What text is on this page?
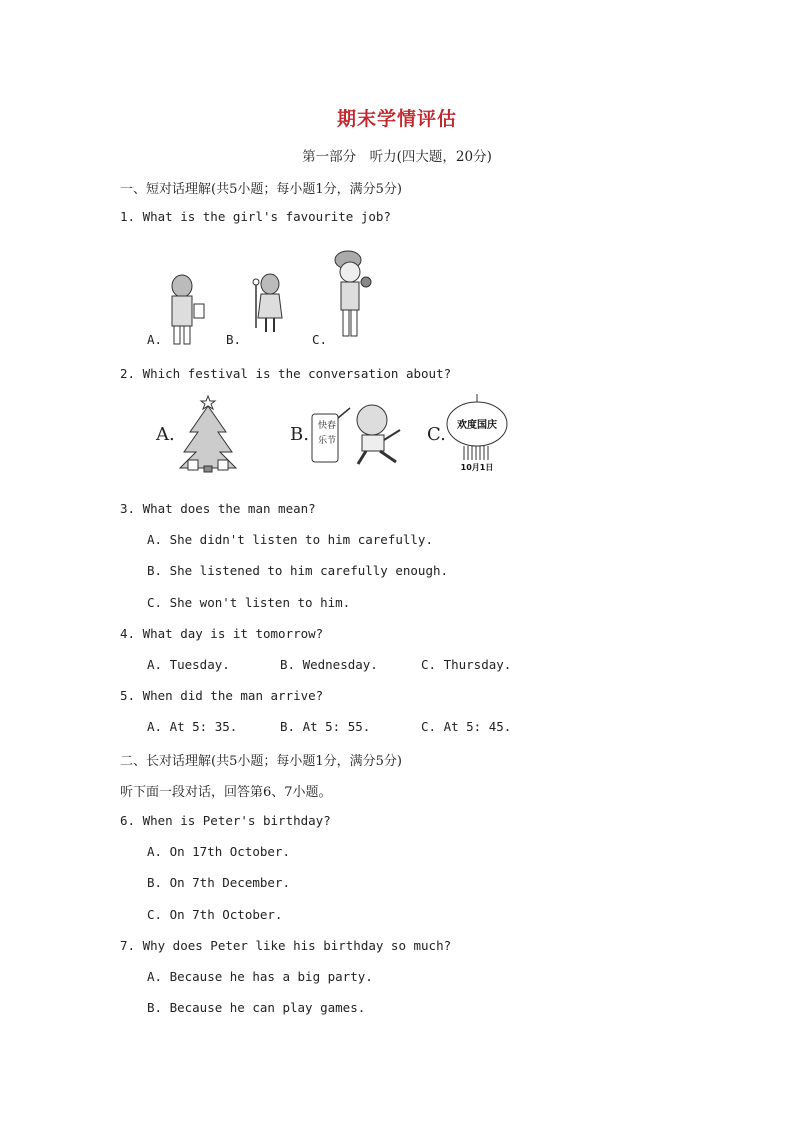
期末学情评估
第一部分　听力(四大题，20分)
一、短对话理解(共5小题；每小题1分，满分5分)
1. What is the girl's favourite job?
A.	B.	C.
2. Which festival is the conversation about?
A.	B. 快 春
乐 节	C. 欢度国庆
10月1日
3. What does the man mean?
A. She didn't listen to him carefully.
B. She listened to him carefully enough.
C. She won't listen to him.
4. What day is it tomorrow?
A. Tuesday.	B. Wednesday.	C. Thursday.
5. When did the man arrive?
A. At 5: 35.	B. At 5: 55.	C. At 5: 45.
二、长对话理解(共5小题；每小题1分，满分5分)
听下面一段对话，回答第6、7小题。
6. When is Peter's birthday?
A. On 17th October.
B. On 7th December.
C. On 7th October.
7. Why does Peter like his birthday so much?
A. Because he has a big party.
B. Because he can play games.
